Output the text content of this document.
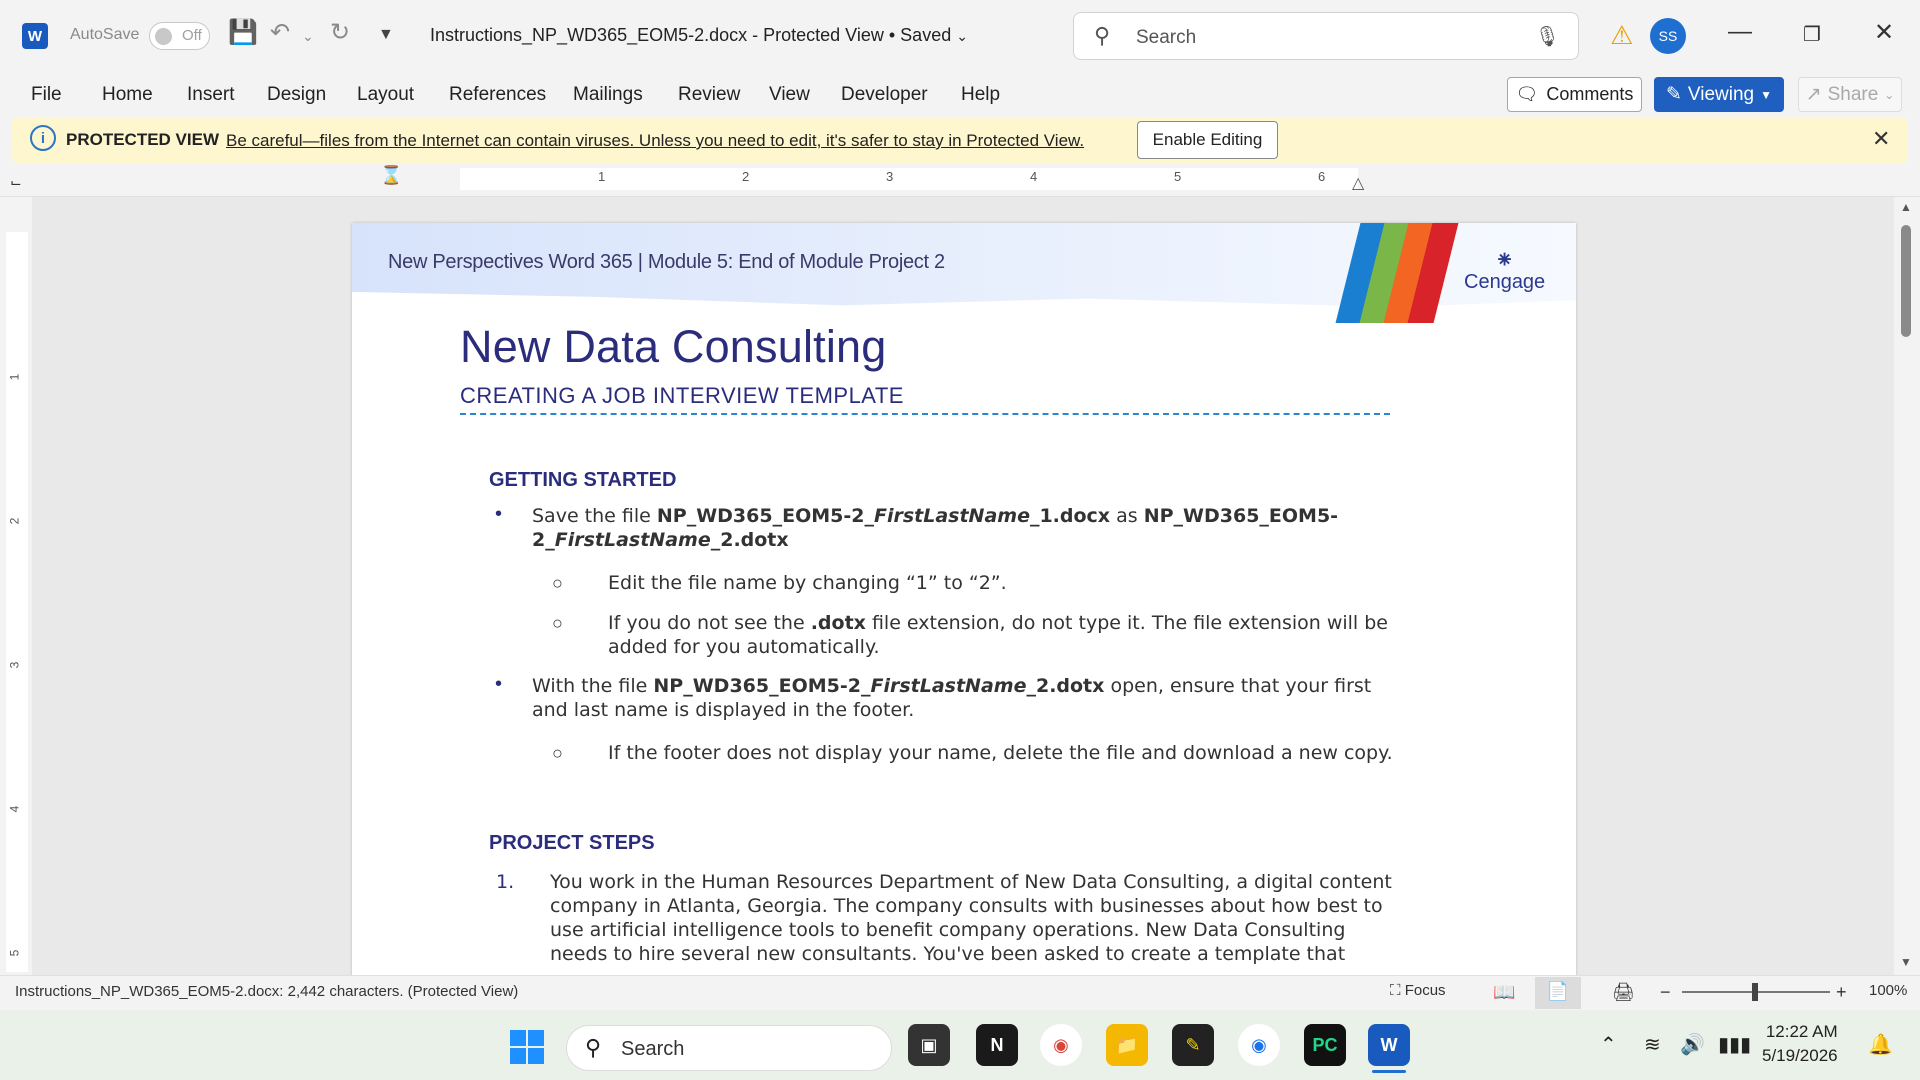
W	AutoSave	Off 💾 ↶ ⌄ ↻ ▼ Instructions_NP_WD365_EOM5-2.docx - Protected View • Saved ⌄	⚲ Search	🎙 ⚠	SS	—	❐	✕
File Home Insert Design Layout References Mailings Review View Developer Help	🗨 Comments ✎ Viewing ▼ ↗ Share ⌄
i	PROTECTED VIEW Be careful—files from the Internet can contain viruses. Unless you need to edit, it's safer to stay in Protected View.	Enable Editing	✕
⌙	⌛	1	2	3	4	5	6 △
1
2
3
4
5
New Perspectives Word 365 | Module 5: End of Module Project 2	⁕
Cengage
New Data Consulting
CREATING A JOB INTERVIEW TEMPLATE
GETTING STARTED
• Save the file NP_WD365_EOM5-2_FirstLastName_1.docx as NP_WD365_EOM5-
2_FirstLastName_2.dotx
○ Edit the file name by changing “1” to “2”.
○ If you do not see the .dotx file extension, do not type it. The file extension will be
added for you automatically.
• With the file NP_WD365_EOM5-2_FirstLastName_2.dotx open, ensure that your first
and last name is displayed in the footer.
○ If the footer does not display your name, delete the file and download a new copy.
PROJECT STEPS
1. You work in the Human Resources Department of New Data Consulting, a digital content
company in Atlanta, Georgia. The company consults with businesses about how best to
use artificial intelligence tools to benefit company operations. New Data Consulting
needs to hire several new consultants. You've been asked to create a template that
▲
▼
Instructions_NP_WD365_EOM5-2.docx: 2,442 characters. (Protected View)	⛶ Focus	📖	📄	🖨 −	+ 100%
⚲ Search	▣	N	◉	📁	✎	◉	PC	W	⌃ ≋ 🔊 ▮▮▮
12:22 AM
5/19/2026 🔔
